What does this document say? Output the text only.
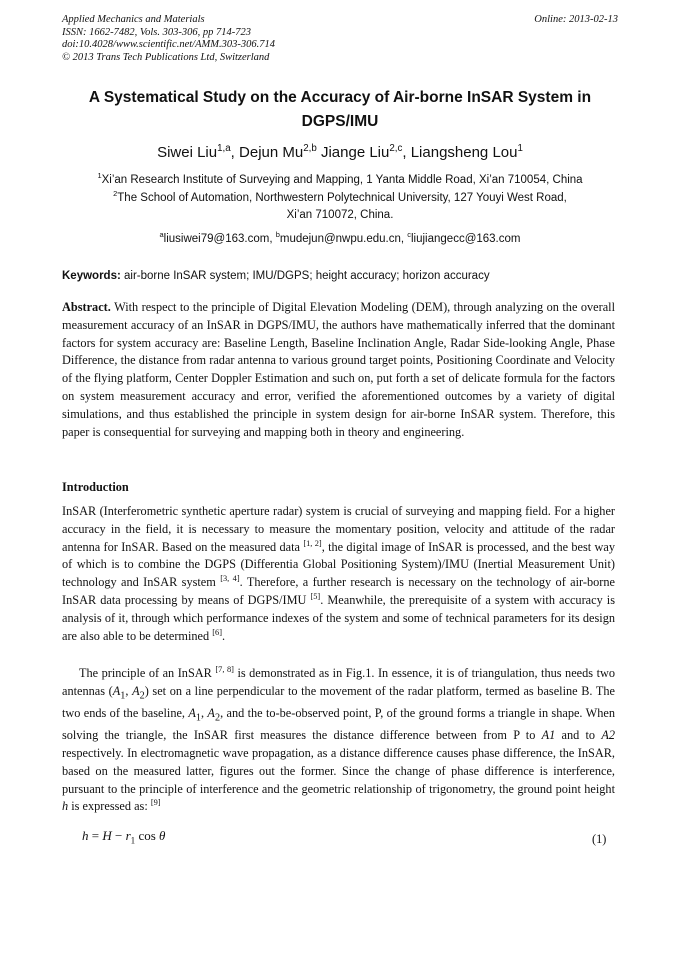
Applied Mechanics and Materials
ISSN: 1662-7482, Vols. 303-306, pp 714-723
doi:10.4028/www.scientific.net/AMM.303-306.714
© 2013 Trans Tech Publications Ltd, Switzerland
Online: 2013-02-13
A Systematical Study on the Accuracy of Air-borne InSAR System in DGPS/IMU
Siwei Liu$^{1,a}$, Dejun Mu$^{2,b}$ Jiange Liu$^{2,c}$, Liangsheng Lou$^1$
$^1$Xi’an Research Institute of Surveying and Mapping, 1 Yanta Middle Road, Xi’an 710054, China
$^2$The School of Automation, Northwestern Polytechnical University, 127 Youyi West Road,
Xi’an 710072, China.
$^a$liusiwei79@163.com, $^b$mudejun@nwpu.edu.cn, $^c$liujiangecc@163.com
Keywords: air-borne InSAR system; IMU/DGPS; height accuracy; horizon accuracy
Abstract. With respect to the principle of Digital Elevation Modeling (DEM), through analyzing on the overall measurement accuracy of an InSAR in DGPS/IMU, the authors have mathematically inferred that the dominant factors for system accuracy are: Baseline Length, Baseline Inclination Angle, Radar Side-looking Angle, Phase Difference, the distance from radar antenna to various ground target points, Positioning Coordinate and Velocity of the flying platform, Center Doppler Estimation and such on, put forth a set of delicate formula for the factors on system measurement accuracy and error, verified the aforementioned outcomes by a variety of digital simulations, and thus established the principle in system design for air-borne InSAR system. Therefore, this paper is consequential for surveying and mapping both in theory and engineering.
Introduction
InSAR (Interferometric synthetic aperture radar) system is crucial of surveying and mapping field. For a higher accuracy in the field, it is necessary to measure the momentary position, velocity and attitude of the radar antenna for InSAR. Based on the measured data [1, 2], the digital image of InSAR is processed, and the best way of which is to combine the DGPS (Differentia Global Positioning System)/IMU (Inertial Measurement Unit) technology and InSAR system [3, 4]. Therefore, a further research is necessary on the technology of air-borne InSAR data processing by means of DGPS/IMU [5]. Meanwhile, the prerequisite of a system with accuracy is analysis of it, through which performance indexes of the system and some of technical parameters for its design are also able to be determined [6].
The principle of an InSAR [7, 8] is demonstrated as in Fig.1. In essence, it is of triangulation, thus needs two antennas ($A_1$, $A_2$) set on a line perpendicular to the movement of the radar platform, termed as baseline B. The two ends of the baseline, $A_1$, $A_2$, and the to-be-observed point, P, of the ground forms a triangle in shape. When solving the triangle, the InSAR first measures the distance difference between from P to A1 and to A2 respectively. In electromagnetic wave propagation, as a distance difference causes phase difference, the InSAR, based on the measured latter, figures out the former. Since the change of phase difference is interference, pursuant to the principle of interference and the geometric relationship of trigonometry, the ground point height h is expressed as: [9]
$h = H - r_1$ cos θ	(1)
